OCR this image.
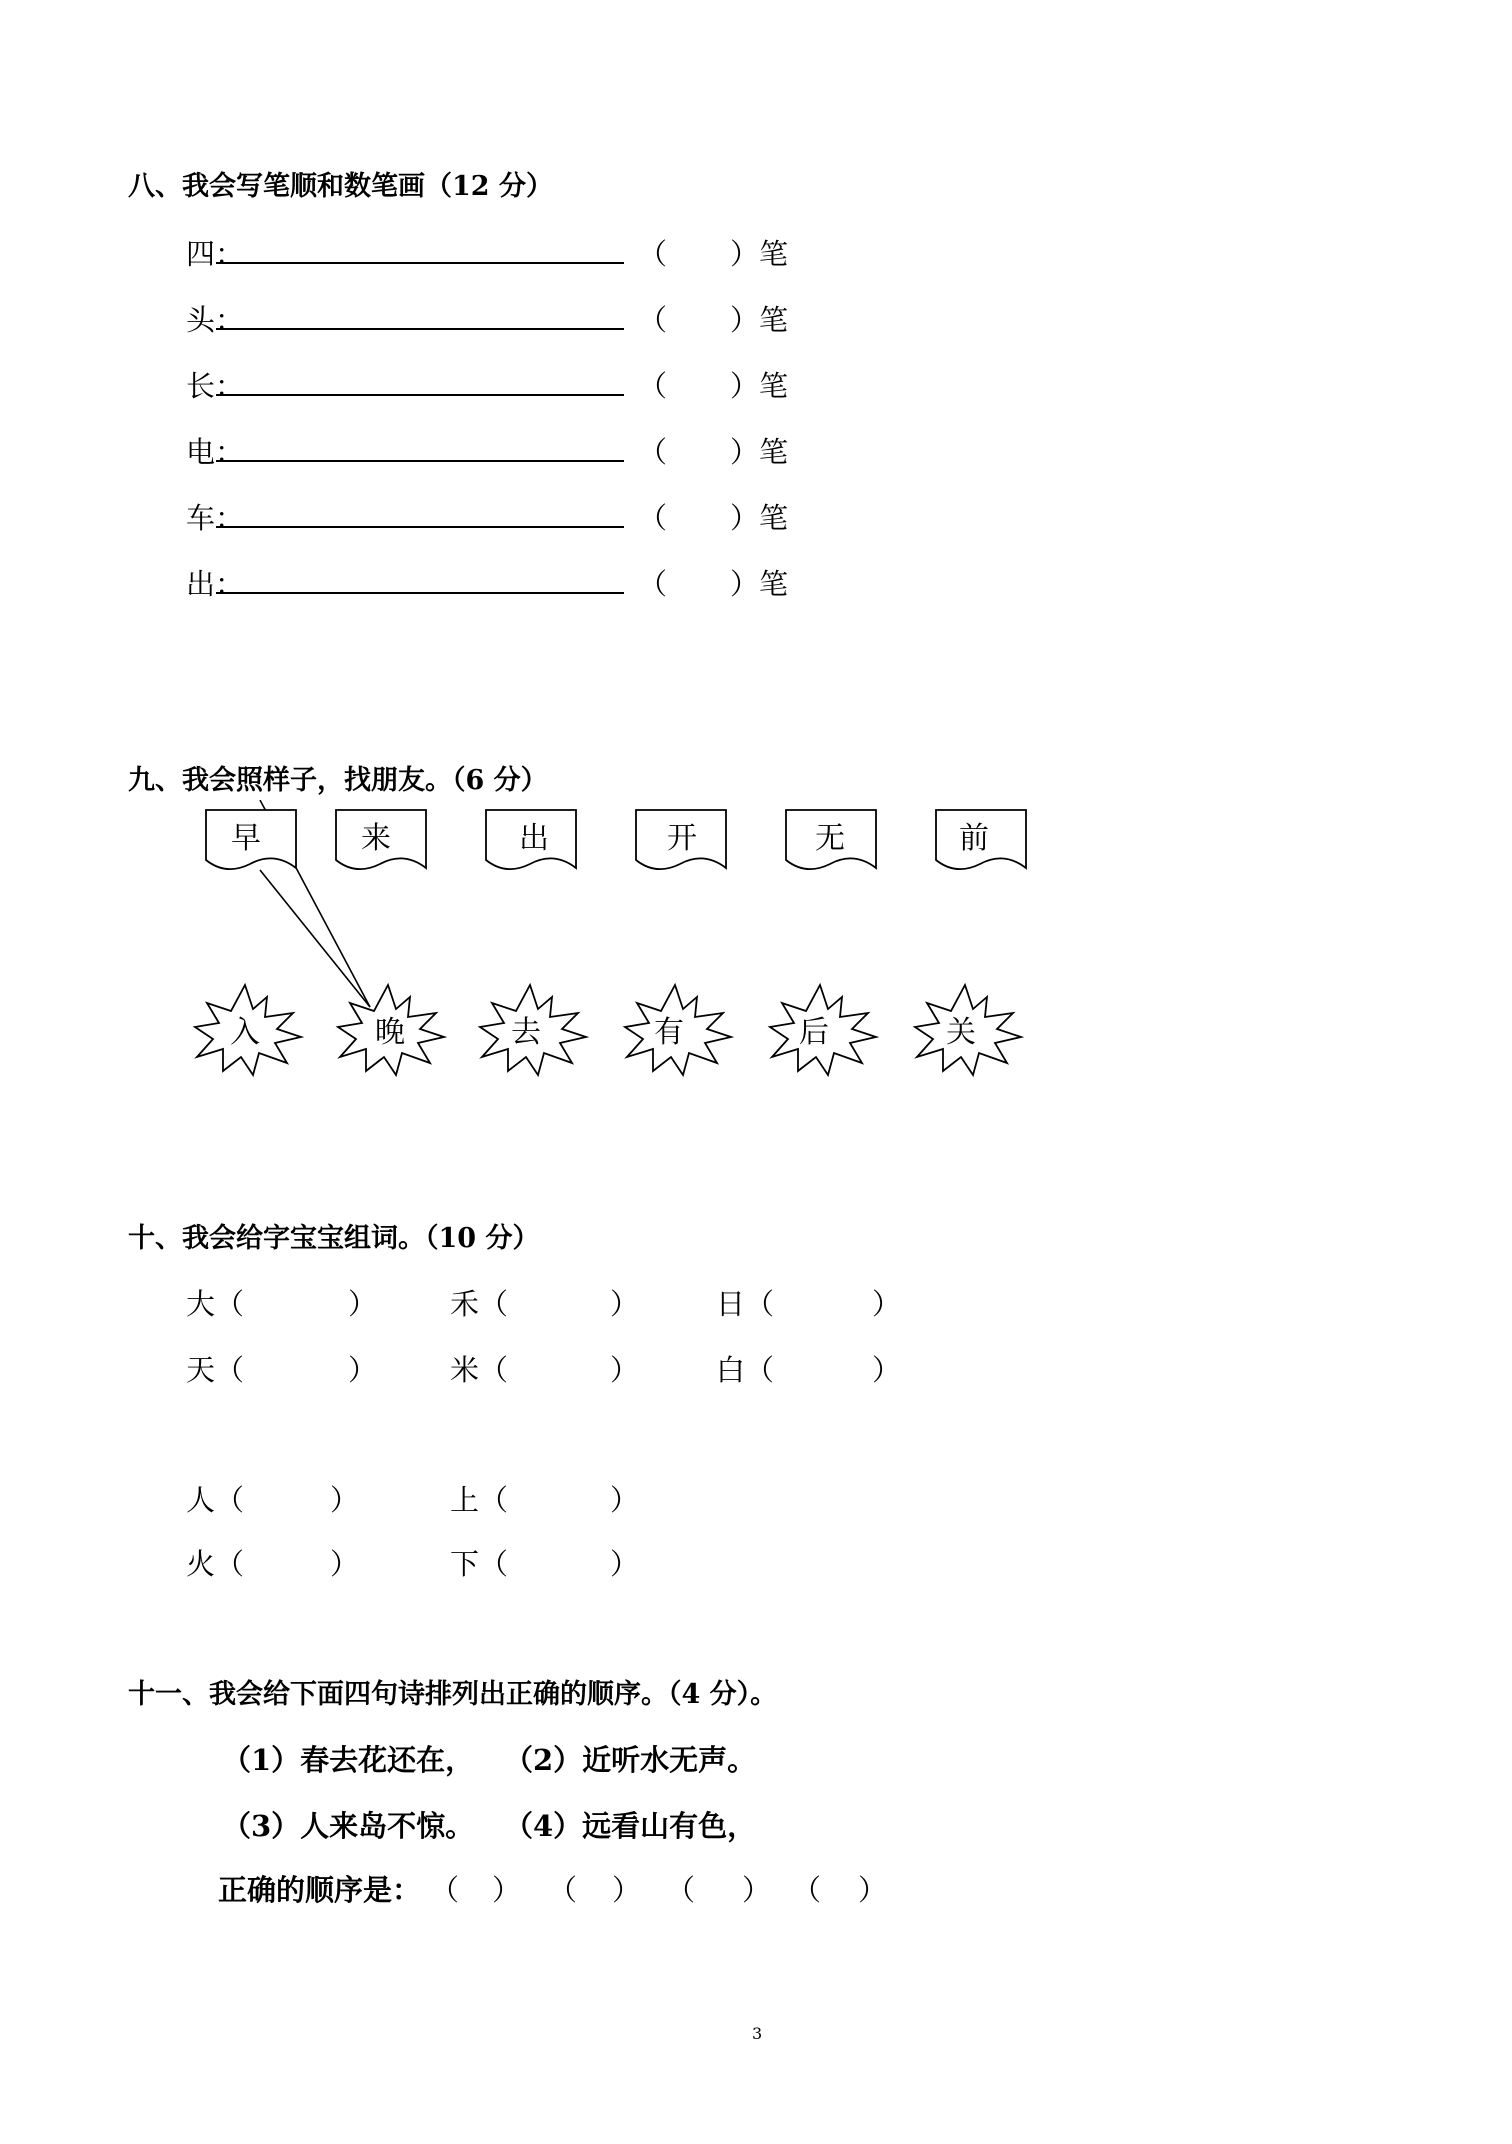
八、我会写笔顺和数笔画（12 分）
四：	（ ）笔
头：	（ ）笔
长：	（ ）笔
电：	（ ）笔
车：	（ ）笔
出：	（ ）笔
九、我会照样子，找朋友。（6 分）
早	来	出	开	无	前
入	晚	去	有	后	关
十、我会给字宝宝组词。（10 分）
大（	）	禾（	）	日（	）
天（	）	米（	）	白（	）
人（	）	上（	）
火（	）	下（	）
十一、我会给下面四句诗排列出正确的顺序。（4 分）。
（1）春去花还在， （2）近听水无声。
（3）人来岛不惊。 （4）远看山有色，
正确的顺序是： （ ） （ ） （ ） （ ）
3
